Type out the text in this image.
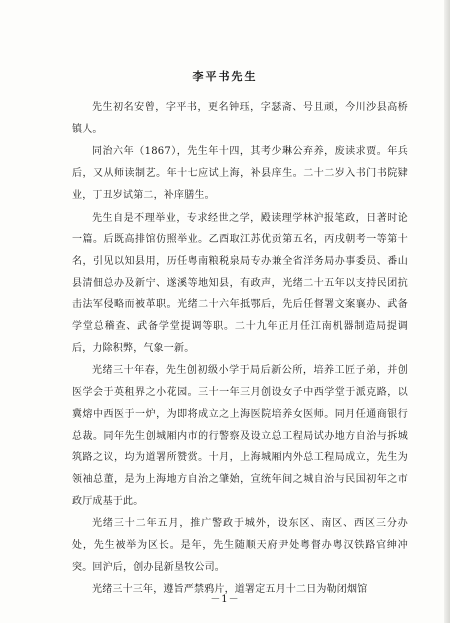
李平书先生

先生初名安曾，字平书，更名钟珏，字瑟斋、号且顽，今川沙县高桥镇人。

同治六年（1867），先生年十四，其考少琳公弃养，废读求贾。年兵后，又从师读制艺。年十七应试上海，补县庠生。二十二岁入书门书院肄业，丁丑岁试第二，补庠膳生。

先生自是不理举业，专求经世之学，殿读理学林沪报笔政，日著时论一篇。后既高排馆仿照举业。乙酉取江苏优贡第五名，丙戌朝考一等第十名，引见以知县用，历任粤南粮税泉局专办兼全省洋务局办事委员、番山县清佃总办及新宁、遂溪等地知县，有政声，光绪二十五年以支持民团抗击法军侵略而被革职。光绪二十六年抵鄂后，先后任督署文案襄办、武备学堂总稽查、武备学堂提调等职。二十九年正月任江南机器制造局提调后，力除积弊，气象一新。

光绪三十年春，先生创初级小学于局后新公所，培养工匠子弟，并创医学会于英租界之小花园。三十一年三月创设女子中西学堂于派克路，以冀熔中西医于一炉，为即将成立之上海医院培养女医师。同月任通商银行总裁。同年先生创城厢内市的行警察及设立总工程局试办地方自治与拆城筑路之议，均为道署所赞赏。十月，上海城厢内外总工程局成立，先生为领袖总董，是为上海地方自治之肇始，宣统年间之城自治与民国初年之市政厅成基于此。

光绪三十二年五月，推广警政于城外，设东区、南区、西区三分办处，先生被举为区长。是年，先生随顺天府尹处粤督办粤汉铁路官绅冲突。回沪后，创办昆新垦牧公司。

光绪三十三年，遵旨严禁鸦片，道署定五月十二日为勒闭烟馆

－1－
